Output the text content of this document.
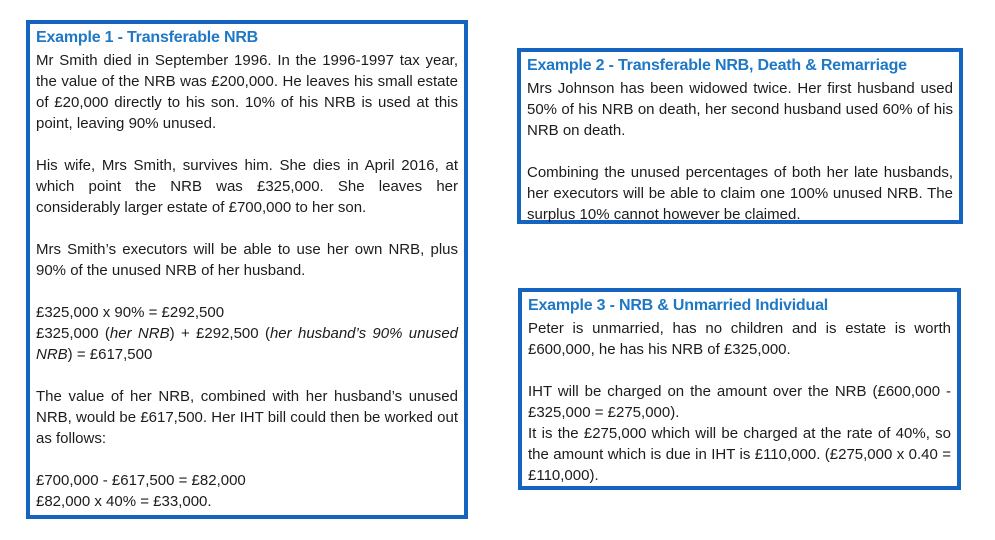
Example 1 - Transferable NRB

Mr Smith died in September 1996. In the 1996-1997 tax year, the value of the NRB was £200,000. He leaves his small estate of £20,000 directly to his son. 10% of his NRB is used at this point, leaving 90% unused.

His wife, Mrs Smith, survives him. She dies in April 2016, at which point the NRB was £325,000. She leaves her considerably larger estate of £700,000 to her son.

Mrs Smith’s executors will be able to use her own NRB, plus 90% of the unused NRB of her husband.

£325,000 x 90% = £292,500

£325,000 (her NRB) + £292,500 (her husband’s 90% unused NRB) = £617,500

The value of her NRB, combined with her husband’s unused NRB, would be £617,500. Her IHT bill could then be worked out as follows:

£700,000 - £617,500 = £82,000

£82,000 x 40% = £33,000.

Example 2 - Transferable NRB, Death & Remarriage

Mrs Johnson has been widowed twice. Her first husband used 50% of his NRB on death, her second husband used 60% of his NRB on death.

Combining the unused percentages of both her late husbands, her executors will be able to claim one 100% unused NRB. The surplus 10% cannot however be claimed.

Example 3 - NRB & Unmarried Individual

Peter is unmarried, has no children and is estate is worth £600,000, he has his NRB of £325,000.

IHT will be charged on the amount over the NRB (£600,000 - £325,000 = £275,000).

It is the £275,000 which will be charged at the rate of 40%, so the amount which is due in IHT is £110,000. (£275,000 x 0.40 = £110,000).
